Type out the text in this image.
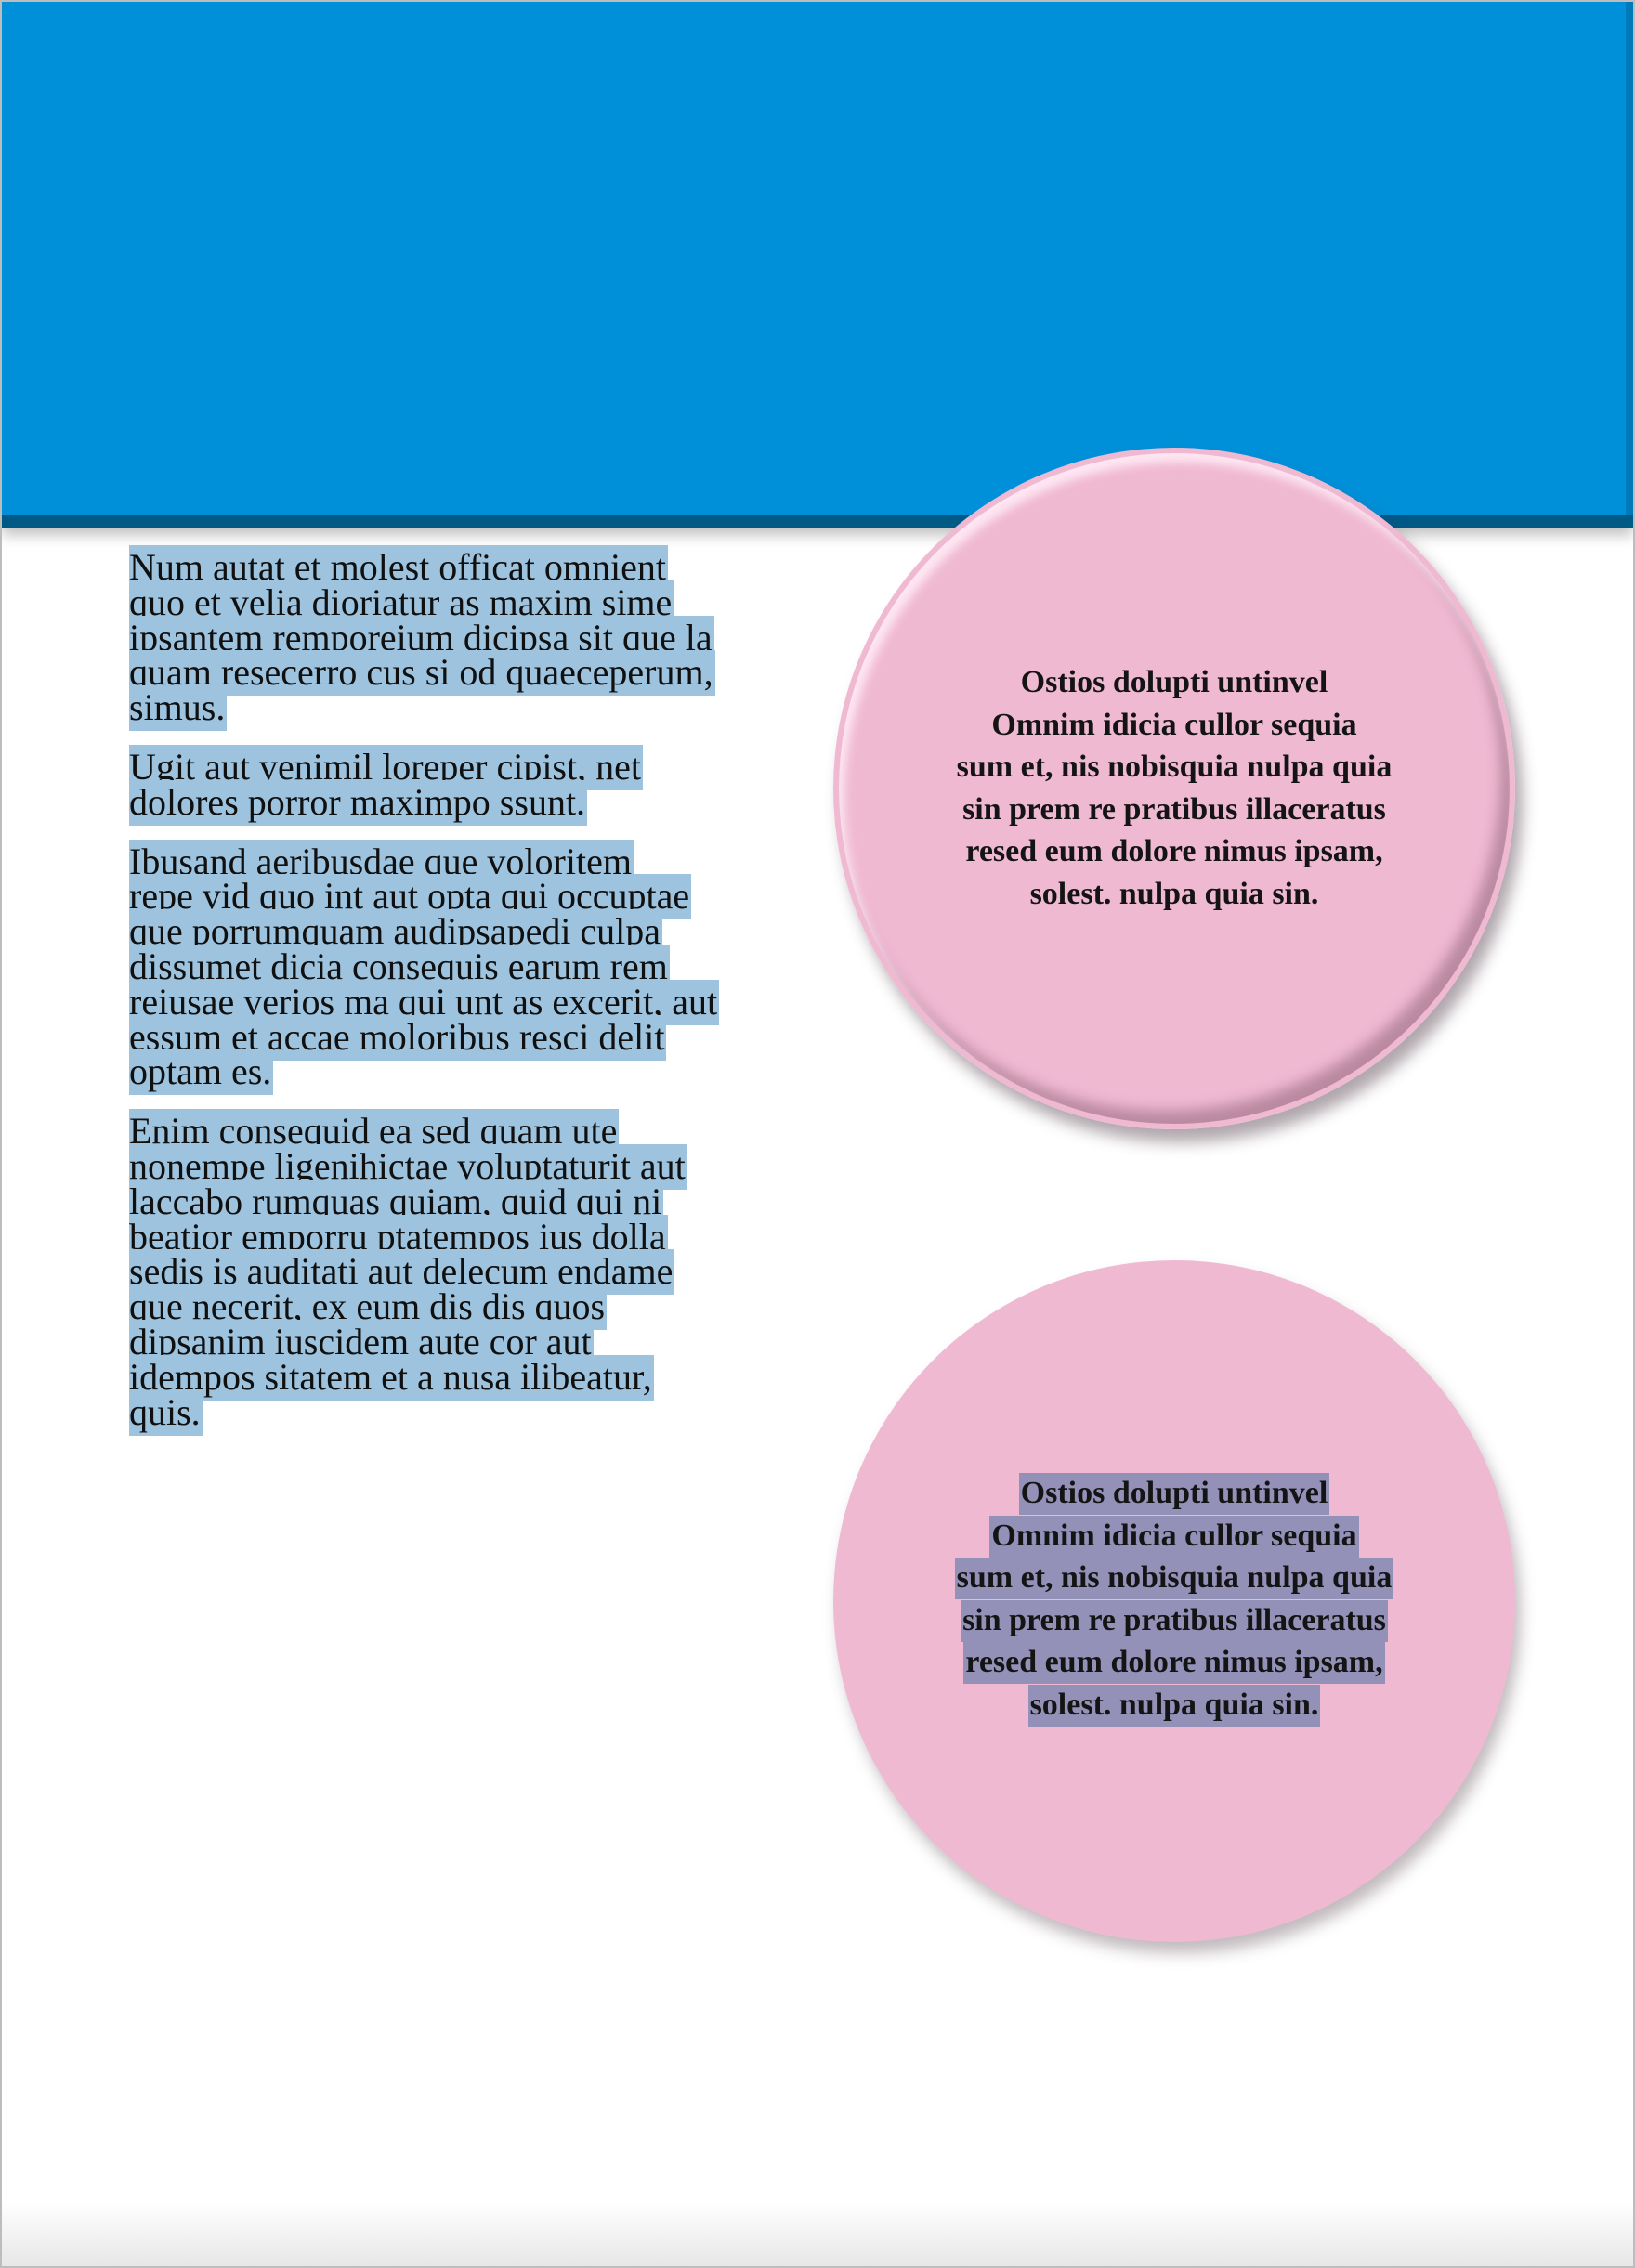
Num autat et molest officat omnient
quo et velia dioriatur as maxim sime
ipsantem remporeium dicipsa sit que la
quam resecerro cus si od quaeceperum,
simus.

Ugit aut venimil loreper cipist, net
dolores porror maximpo ssunt.

Ibusand aeribusdae que voloritem
repe vid quo int aut opta qui occuptae
que porrumquam audipsapedi culpa
dissumet dicia consequis earum rem
reiusae verios ma qui unt as excerit, aut
essum et accae moloribus resci delit
optam es.

Enim consequid ea sed quam ute
nonempe ligenihictae voluptaturit aut
laccabo rumquas quiam, quid qui ni
beatior emporru ptatempos ius dolla
sedis is auditati aut delecum endame
que necerit, ex eum dis dis quos
dipsanim iuscidem aute cor aut
idempos sitatem et a nusa ilibeatur,
quis.

Ostios dolupti untinvel
Omnim idicia cullor sequia
sum et, nis nobisquia nulpa quia
sin prem re pratibus illaceratus
resed eum dolore nimus ipsam,
solest. nulpa quia sin.
Ostios dolupti untinvel
Omnim idicia cullor sequia
sum et, nis nobisquia nulpa quia
sin prem re pratibus illaceratus
resed eum dolore nimus ipsam,
solest. nulpa quia sin.
